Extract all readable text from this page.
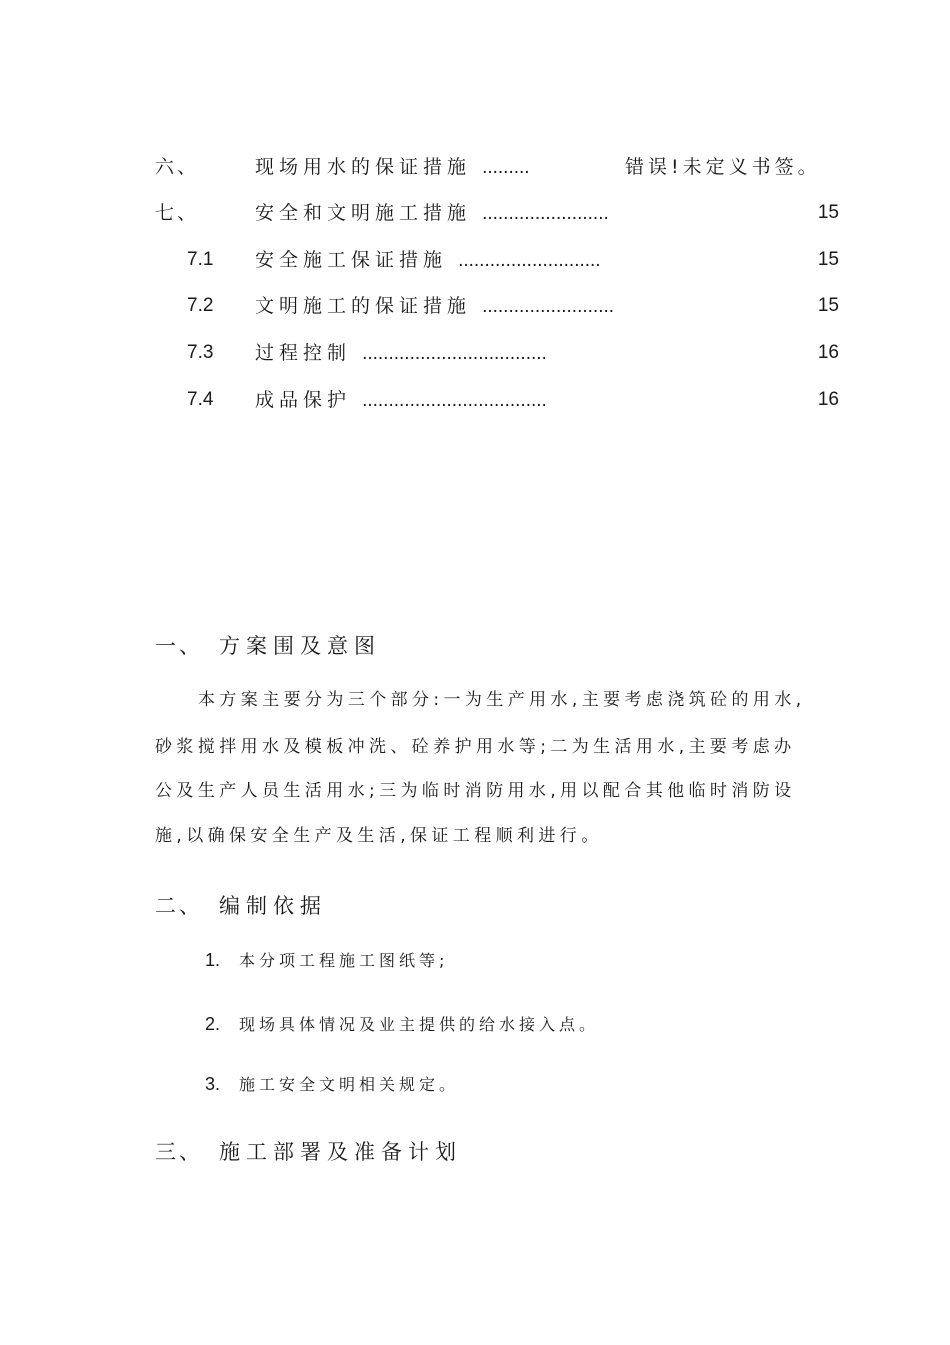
六、	现场用水的保证措施 .........	错误!未定义书签。
七、	安全和文明施工措施 ........................	15
7.1 安全施工保证措施 ...........................	15
7.2 文明施工的保证措施 .........................	15
7.3 过程控制 ...................................	16
7.4 成品保护 ...................................	16
一、 方案围及意图
本方案主要分为三个部分:一为生产用水,主要考虑浇筑砼的用水,
砂浆搅拌用水及模板冲洗、砼养护用水等;二为生活用水,主要考虑办
公及生产人员生活用水;三为临时消防用水,用以配合其他临时消防设
施,以确保安全生产及生活,保证工程顺利进行。
二、 编制依据
1. 本分项工程施工图纸等;
2. 现场具体情况及业主提供的给水接入点。
3. 施工安全文明相关规定。
三、 施工部署及准备计划
